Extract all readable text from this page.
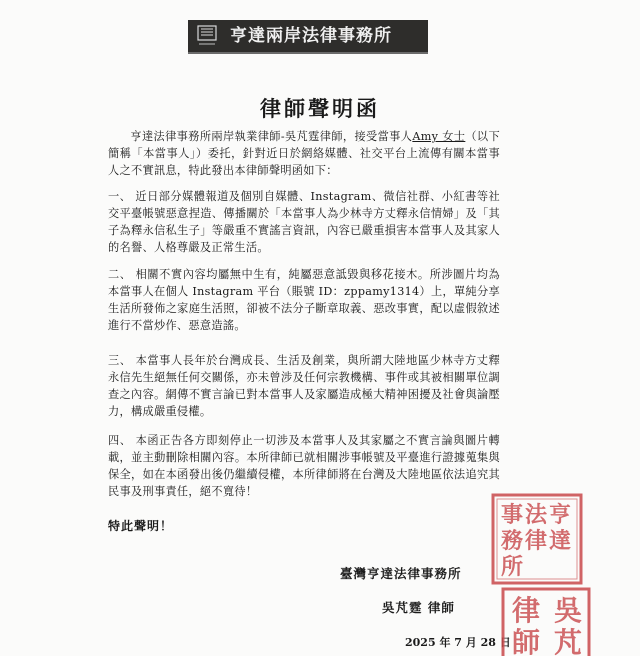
亨達兩岸法律事務所
律師聲明函
亨達法律事務所兩岸執業律師-吳芃霆律師，接受當事人Amy 女士（以下簡稱「本當事人」）委托，針對近日於網絡媒體、社交平台上流傳有關本當事人之不實訊息，特此發出本律師聲明函如下：
一、 近日部分媒體報道及個別自媒體、Instagram、微信社群、小紅書等社交平臺帳號惡意捏造、傳播關於「本當事人為少林寺方丈釋永信情婦」及「其子為釋永信私生子」等嚴重不實謠言資訊，內容已嚴重損害本當事人及其家人的名譽、人格尊嚴及正常生活。
二、 相關不實內容均屬無中生有，純屬惡意詆毀與移花接木。所涉圖片均為本當事人在個人 Instagram 平台（賬號 ID：zppamy1314）上，單純分享生活所發佈之家庭生活照，卻被不法分子斷章取義、惡改事實，配以虛假敘述進行不當炒作、惡意造謠。
三、 本當事人長年於台灣成長、生活及創業，與所謂大陸地區少林寺方丈釋永信先生絕無任何交關係，亦未曾涉及任何宗教機構、事件或其被相關單位調查之內容。網傳不實言論已對本當事人及家屬造成極大精神困擾及社會與論壓力，構成嚴重侵權。
四、 本函正告各方即刻停止一切涉及本當事人及其家屬之不實言論與圖片轉載，並主動刪除相關內容。本所律師已就相關涉事帳號及平臺進行證據蒐集與保全，如在本函發出後仍繼續侵權，本所律師將在台灣及大陸地區依法追究其民事及刑事責任，絕不寬待！
特此聲明！
臺灣亨達法律事務所
吳芃霆 律師
2025 年 7 月 28 日
亨
達
法
律
事
務
所
吳
芃
律
師
